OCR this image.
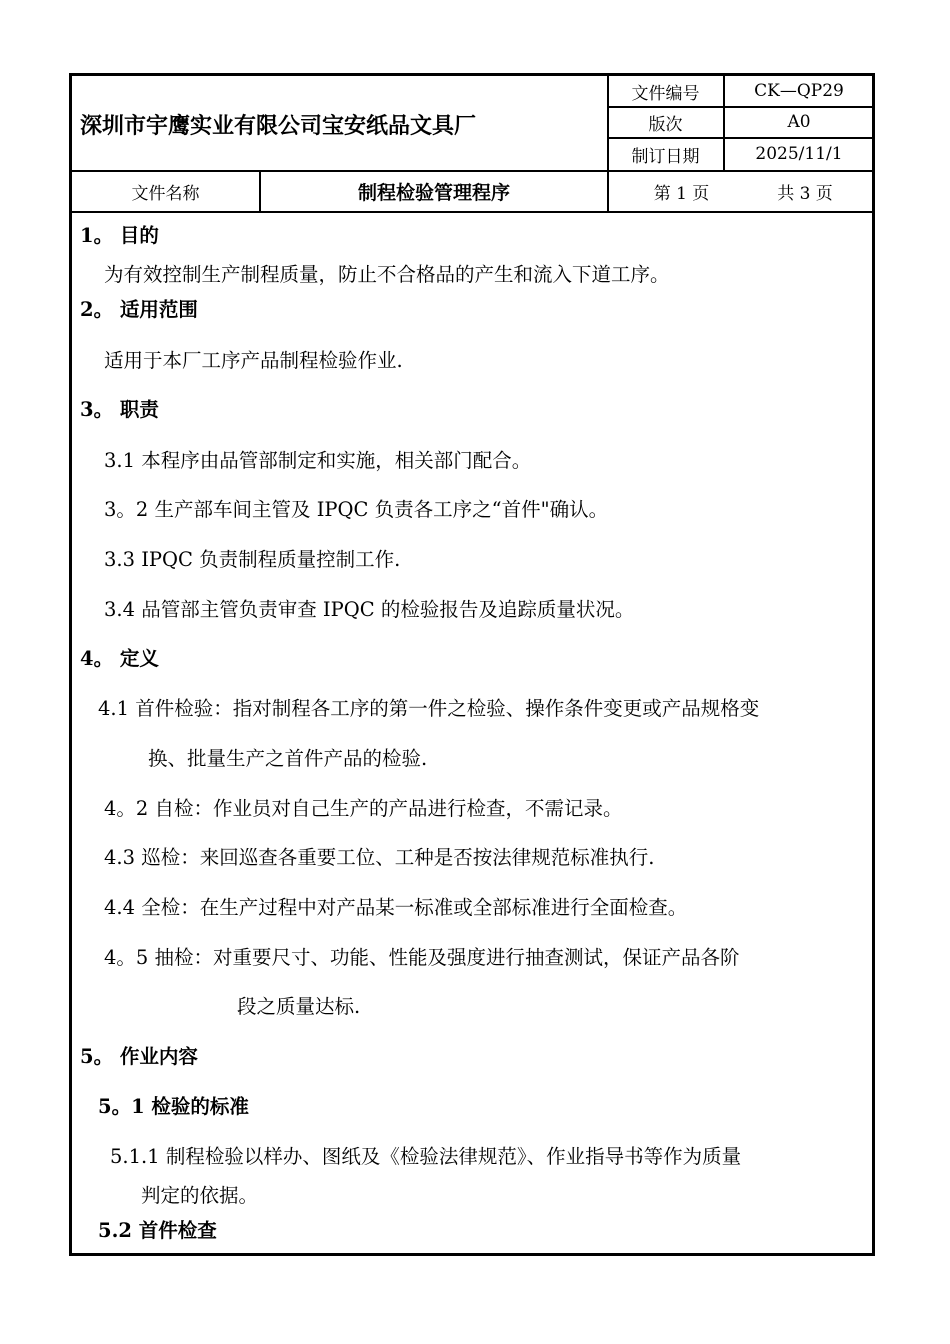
深圳市宇鹰实业有限公司宝安纸品文具厂
文件编号	CK—QP29
版次	A0
制订日期	2025/11/1
文件名称	制程检验管理程序	第 1 页	共 3 页
1。 目的
为有效控制生产制程质量，防止不合格品的产生和流入下道工序。
2。 适用范围
适用于本厂工序产品制程检验作业.
3。 职责
3.1 本程序由品管部制定和实施，相关部门配合。
3。2 生产部车间主管及 IPQC 负责各工序之“首件"确认。
3.3 IPQC 负责制程质量控制工作.
3.4 品管部主管负责审查 IPQC 的检验报告及追踪质量状况。
4。 定义
4.1 首件检验：指对制程各工序的第一件之检验、操作条件变更或产品规格变
换、批量生产之首件产品的检验.
4。2 自检：作业员对自己生产的产品进行检查，不需记录。
4.3 巡检：来回巡查各重要工位、工种是否按法律规范标准执行.
4.4 全检：在生产过程中对产品某一标准或全部标准进行全面检查。
4。5 抽检：对重要尺寸、功能、性能及强度进行抽查测试，保证产品各阶
段之质量达标.
5。 作业内容
5。1 检验的标准
5.1.1 制程检验以样办、图纸及《检验法律规范》、作业指导书等作为质量
判定的依据。
5.2 首件检查
